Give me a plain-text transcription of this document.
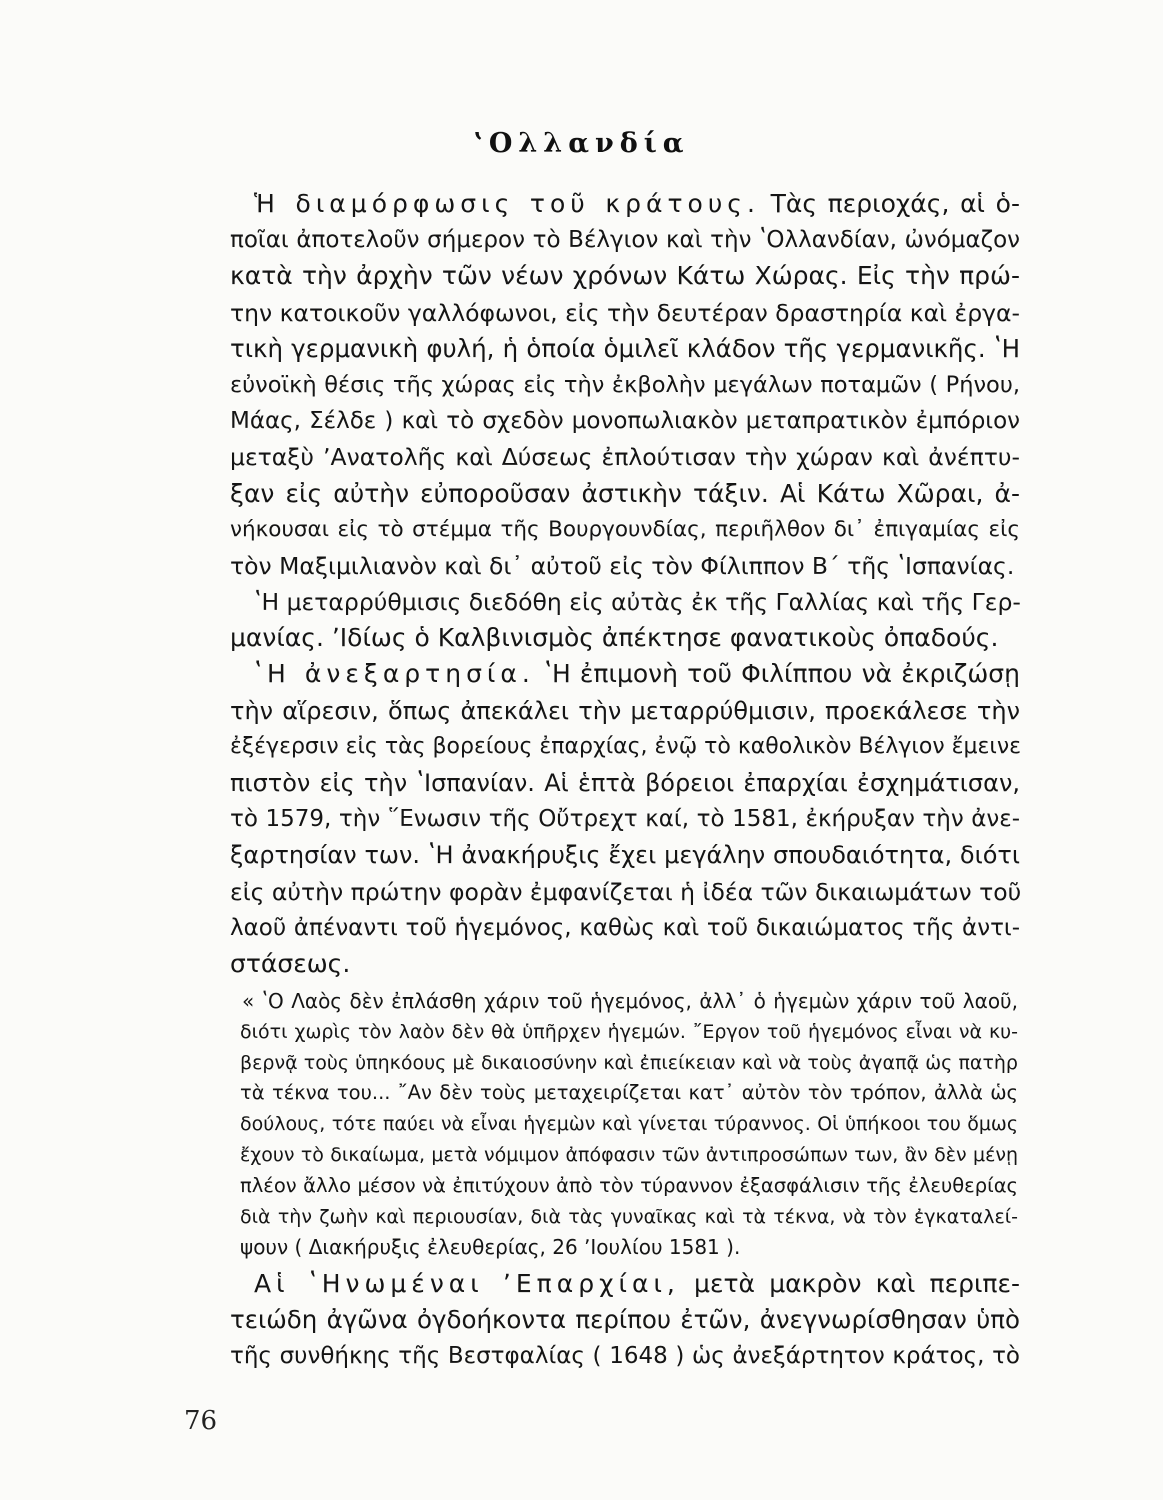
ʽΟλλανδία
Ἡ διαμόρφωσις τοῦ κράτους. Τὰς περιοχάς, αἱ ὁ-
ποῖαι ἀποτελοῦν σήμερον τὸ Βέλγιον καὶ τὴν ʽΟλλανδίαν, ὠνόμαζον
κατὰ τὴν ἀρχὴν τῶν νέων χρόνων Κάτω Χώρας. Εἰς τὴν πρώ-
την κατοικοῦν γαλλόφωνοι, εἰς τὴν δευτέραν δραστηρία καὶ ἐργα-
τικὴ γερμανικὴ φυλή, ἡ ὁποία ὁμιλεῖ κλάδον τῆς γερμανικῆς. ʽΗ
εὐνοϊκὴ θέσις τῆς χώρας εἰς τὴν ἐκβολὴν μεγάλων ποταμῶν ( Ρήνου,
Μάας, Σέλδε ) καὶ τὸ σχεδὸν μονοπωλιακὸν μεταπρατικὸν ἐμπόριον
μεταξὺ ʼΑνατολῆς καὶ Δύσεως ἐπλούτισαν τὴν χώραν καὶ ἀνέπτυ-
ξαν εἰς αὐτὴν εὐποροῦσαν ἀστικὴν τάξιν. Αἱ Κάτω Χῶραι, ἀ-
νήκουσαι εἰς τὸ στέμμα τῆς Βουργουνδίας, περιῆλθον δι᾽ ἐπιγαμίας εἰς
τὸν Μαξιμιλιανὸν καὶ δι᾽ αὐτοῦ εἰς τὸν Φίλιππον Β΄ τῆς ʽΙσπανίας.
ʽΗ μεταρρύθμισις διεδόθη εἰς αὐτὰς ἐκ τῆς Γαλλίας καὶ τῆς Γερ-
μανίας. ʼΙδίως ὁ Καλβινισμὸς ἀπέκτησε φανατικοὺς ὀπαδούς.
ʽΗ ἀνεξαρτησία. ʽΗ ἐπιμονὴ τοῦ Φιλίππου νὰ ἐκριζώσῃ
τὴν αἵρεσιν, ὅπως ἀπεκάλει τὴν μεταρρύθμισιν, προεκάλεσε τὴν
ἐξέγερσιν εἰς τὰς βορείους ἐπαρχίας, ἐνῷ τὸ καθολικὸν Βέλγιον ἔμεινε
πιστὸν εἰς τὴν ʽΙσπανίαν. Αἱ ἑπτὰ βόρειοι ἐπαρχίαι ἐσχημάτισαν,
τὸ 1579, τὴν ῞Ενωσιν τῆς Οὔτρεχτ καί, τὸ 1581, ἐκήρυξαν τὴν ἀνε-
ξαρτησίαν των. ʽΗ ἀνακήρυξις ἔχει μεγάλην σπουδαιότητα, διότι
εἰς αὐτὴν πρώτην φορὰν ἐμφανίζεται ἡ ἰδέα τῶν δικαιωμάτων τοῦ
λαοῦ ἀπέναντι τοῦ ἡγεμόνος, καθὼς καὶ τοῦ δικαιώματος τῆς ἀντι-
στάσεως.
« ʽΟ Λαὸς δὲν ἐπλάσθη χάριν τοῦ ἡγεμόνος, ἀλλ᾽ ὁ ἡγεμὼν χάριν τοῦ λαοῦ,
διότι χωρὶς τὸν λαὸν δὲν θὰ ὑπῆρχεν ἡγεμών. ῎Εργον τοῦ ἡγεμόνος εἶναι νὰ κυ-
βερνᾷ τοὺς ὑπηκόους μὲ δικαιοσύνην καὶ ἐπιείκειαν καὶ νὰ τοὺς ἀγαπᾷ ὡς πατὴρ
τὰ τέκνα του... ῎Αν δὲν τοὺς μεταχειρίζεται κατ᾽ αὐτὸν τὸν τρόπον, ἀλλὰ ὡς
δούλους, τότε παύει νὰ εἶναι ἡγεμὼν καὶ γίνεται τύραννος. Οἱ ὑπήκοοι του ὅμως
ἔχουν τὸ δικαίωμα, μετὰ νόμιμον ἀπόφασιν τῶν ἀντιπροσώπων των, ἂν δὲν μένῃ
πλέον ἄλλο μέσον νὰ ἐπιτύχουν ἀπὸ τὸν τύραννον ἐξασφάλισιν τῆς ἐλευθερίας
διὰ τὴν ζωὴν καὶ περιουσίαν, διὰ τὰς γυναῖκας καὶ τὰ τέκνα, νὰ τὸν ἐγκαταλεί-
ψουν ( Διακήρυξις ἐλευθερίας, 26 ʼΙουλίου 1581 ).
Αἱ ʽΗνωμέναι ʼΕπαρχίαι, μετὰ μακρὸν καὶ περιπε-
τειώδη ἀγῶνα ὀγδοήκοντα περίπου ἐτῶν, ἀνεγνωρίσθησαν ὑπὸ
τῆς συνθήκης τῆς Βεστφαλίας ( 1648 ) ὡς ἀνεξάρτητον κράτος, τὸ
76
